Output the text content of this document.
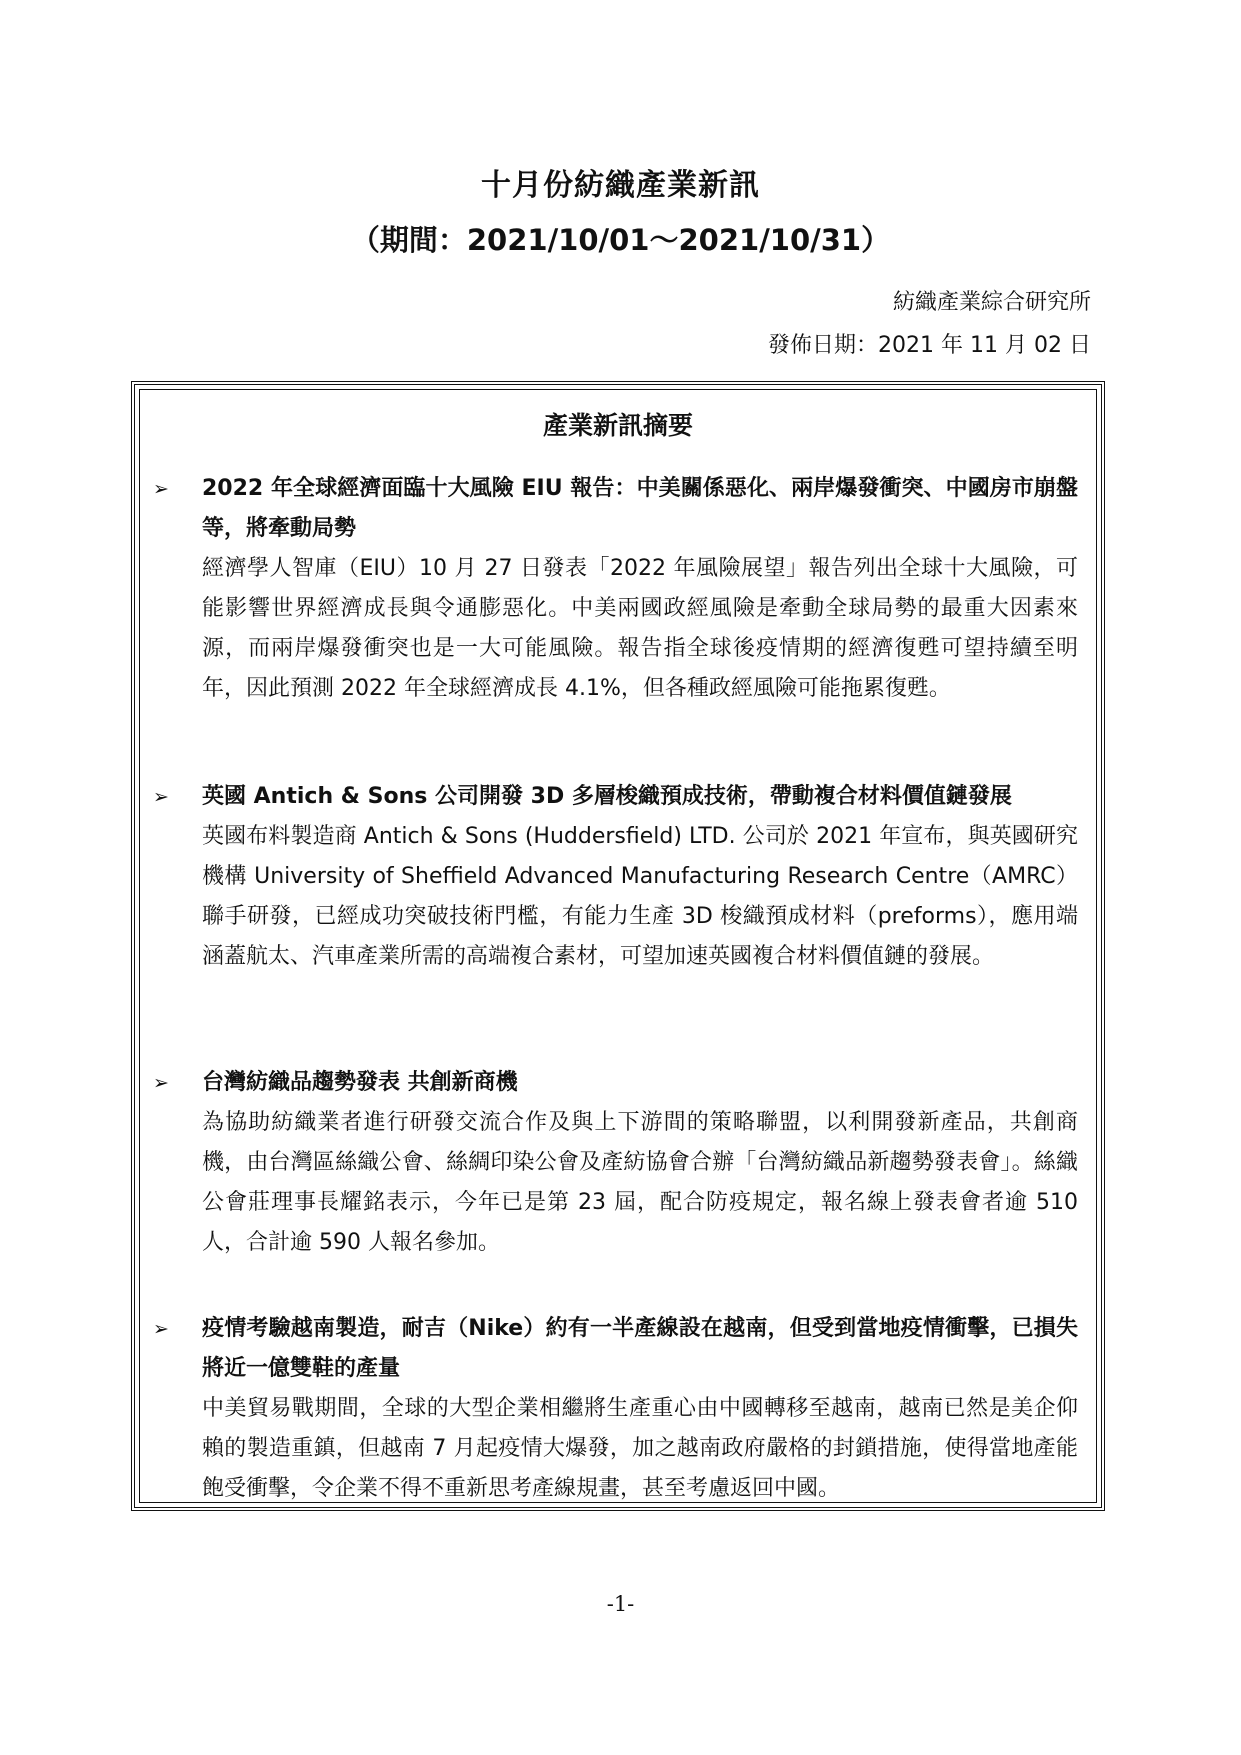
十月份紡織產業新訊
（期間：2021/10/01～2021/10/31）
紡織產業綜合研究所
發佈日期：2021 年 11 月 02 日
產業新訊摘要
➢ 2022 年全球經濟面臨十大風險 EIU 報告：中美關係惡化、兩岸爆發衝突、中國房市崩盤等，將牽動局勢

經濟學人智庫（EIU）10 月 27 日發表「2022 年風險展望」報告列出全球十大風險，可能影響世界經濟成長與令通膨惡化。中美兩國政經風險是牽動全球局勢的最重大因素來源，而兩岸爆發衝突也是一大可能風險。報告指全球後疫情期的經濟復甦可望持續至明年，因此預測 2022 年全球經濟成長 4.1%，但各種政經風險可能拖累復甦。

➢ 英國 Antich & Sons 公司開發 3D 多層梭織預成技術，帶動複合材料價值鏈發展

英國布料製造商 Antich & Sons (Huddersfield) LTD. 公司於 2021 年宣布，與英國研究機構 University of Sheffield Advanced Manufacturing Research Centre（AMRC）聯手研發，已經成功突破技術門檻，有能力生產 3D 梭織預成材料（preforms），應用端涵蓋航太、汽車產業所需的高端複合素材，可望加速英國複合材料價值鏈的發展。

➢ 台灣紡織品趨勢發表 共創新商機

為協助紡織業者進行研發交流合作及與上下游間的策略聯盟，以利開發新產品，共創商機，由台灣區絲織公會、絲綢印染公會及產紡協會合辦「台灣紡織品新趨勢發表會」。絲織公會莊理事長耀銘表示，今年已是第 23 屆，配合防疫規定，報名線上發表會者逾 510 人，合計逾 590 人報名參加。

➢ 疫情考驗越南製造，耐吉（Nike）約有一半產線設在越南，但受到當地疫情衝擊，已損失將近一億雙鞋的產量

中美貿易戰期間，全球的大型企業相繼將生產重心由中國轉移至越南，越南已然是美企仰賴的製造重鎮，但越南 7 月起疫情大爆發，加之越南政府嚴格的封鎖措施，使得當地產能飽受衝擊，令企業不得不重新思考產線規畫，甚至考慮返回中國。

-1-
